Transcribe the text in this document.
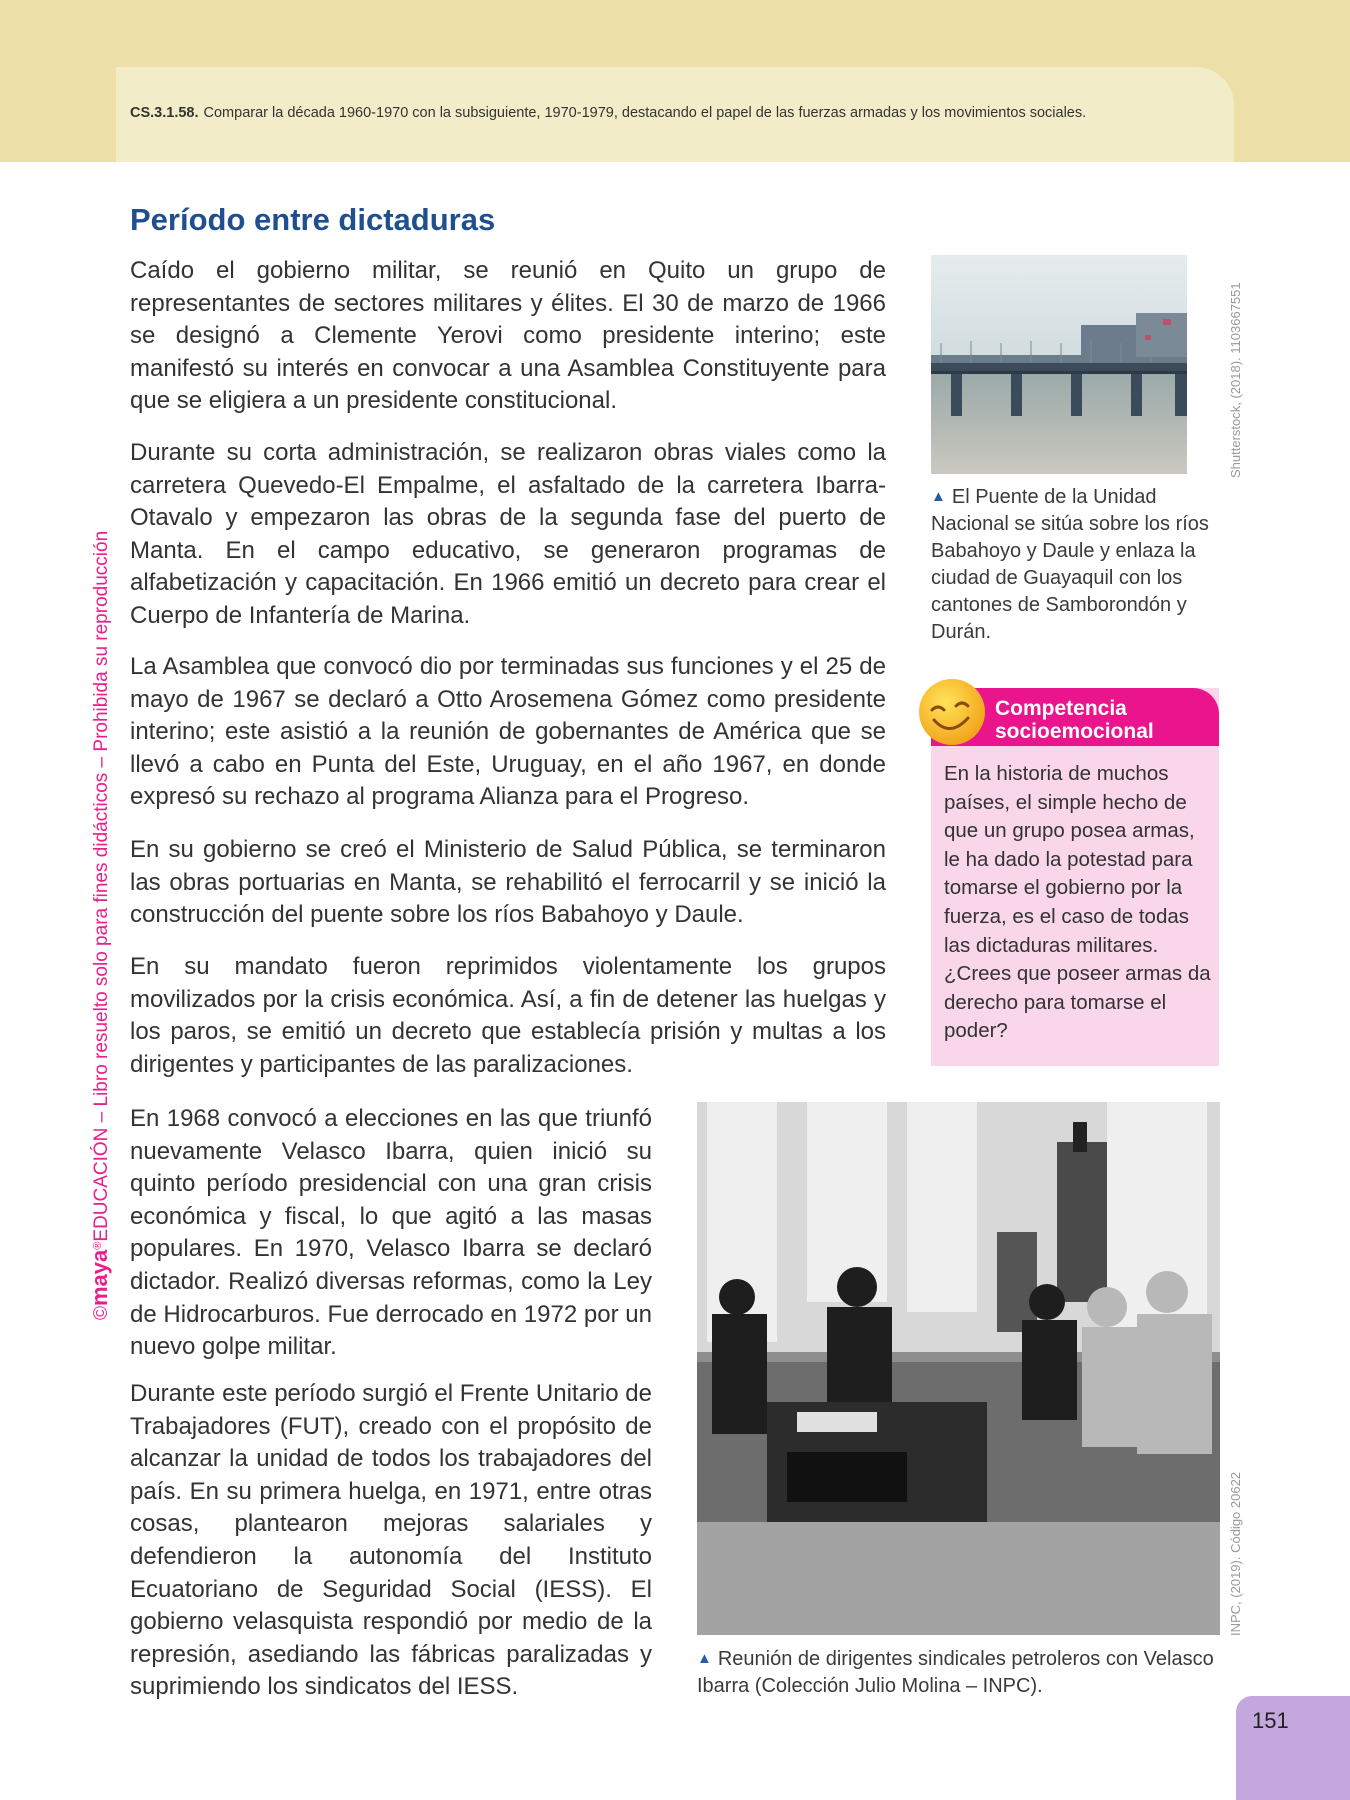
CS.3.1.58. Comparar la década 1960-1970 con la subsiguiente, 1970-1979, destacando el papel de las fuerzas armadas y los movimientos sociales.
Período entre dictaduras

Caído el gobierno militar, se reunió en Quito un grupo de representantes de sectores militares y élites. El 30 de marzo de 1966 se designó a Clemente Yerovi como presidente interino; este manifestó su interés en convocar a una Asamblea Constituyente para que se eligiera a un presidente constitucional.

Durante su corta administración, se realizaron obras viales como la carretera Quevedo-El Empalme, el asfaltado de la carretera Ibarra-Otavalo y empezaron las obras de la segunda fase del puerto de Manta. En el campo educativo, se generaron programas de alfabetización y capacitación. En 1966 emitió un decreto para crear el Cuerpo de Infantería de Marina.

La Asamblea que convocó dio por terminadas sus funciones y el 25 de mayo de 1967 se declaró a Otto Arosemena Gómez como presidente interino; este asistió a la reunión de gobernantes de América que se llevó a cabo en Punta del Este, Uruguay, en el año 1967, en donde expresó su rechazo al programa Alianza para el Progreso.

En su gobierno se creó el Ministerio de Salud Pública, se terminaron las obras portuarias en Manta, se rehabilitó el ferrocarril y se inició la construcción del puente sobre los ríos Babahoyo y Daule.

En su mandato fueron reprimidos violentamente los grupos movilizados por la crisis económica. Así, a fin de detener las huelgas y los paros, se emitió un decreto que establecía prisión y multas a los dirigentes y participantes de las paralizaciones.

En 1968 convocó a elecciones en las que triunfó nuevamente Velasco Ibarra, quien inició su quinto período presidencial con una gran crisis económica y fiscal, lo que agitó a las masas populares. En 1970, Velasco Ibarra se declaró dictador. Realizó diversas reformas, como la Ley de Hidrocarburos. Fue derrocado en 1972 por un nuevo golpe militar.

Durante este período surgió el Frente Unitario de Trabajadores (FUT), creado con el propósito de alcanzar la unidad de todos los trabajadores del país. En su primera huelga, en 1971, entre otras cosas, plantearon mejoras salariales y defendieron la autonomía del Instituto Ecuatoriano de Seguridad Social (IESS). El gobierno velasquista respondió por medio de la represión, asediando las fábricas paralizadas y suprimiendo los sindicatos del IESS.

Shutterstock, (2018). 1103667551

▲ El Puente de la Unidad Nacional se sitúa sobre los ríos Babahoyo y Daule y enlaza la ciudad de Guayaquil con los cantones de Samborondón y Durán.

Competencia
socioemocional

En la historia de muchos países, el simple hecho de que un grupo posea armas, le ha dado la potestad para tomarse el gobierno por la fuerza, es el caso de todas las dictaduras militares. ¿Crees que poseer armas da derecho para tomarse el poder?

INPC, (2019). Código 20622

▲ Reunión de dirigentes sindicales petroleros con Velasco Ibarra (Colección Julio Molina – INPC).

©maya®EDUCACIÓN – Libro resuelto solo para fines didácticos – Prohibida su reproducción
151
